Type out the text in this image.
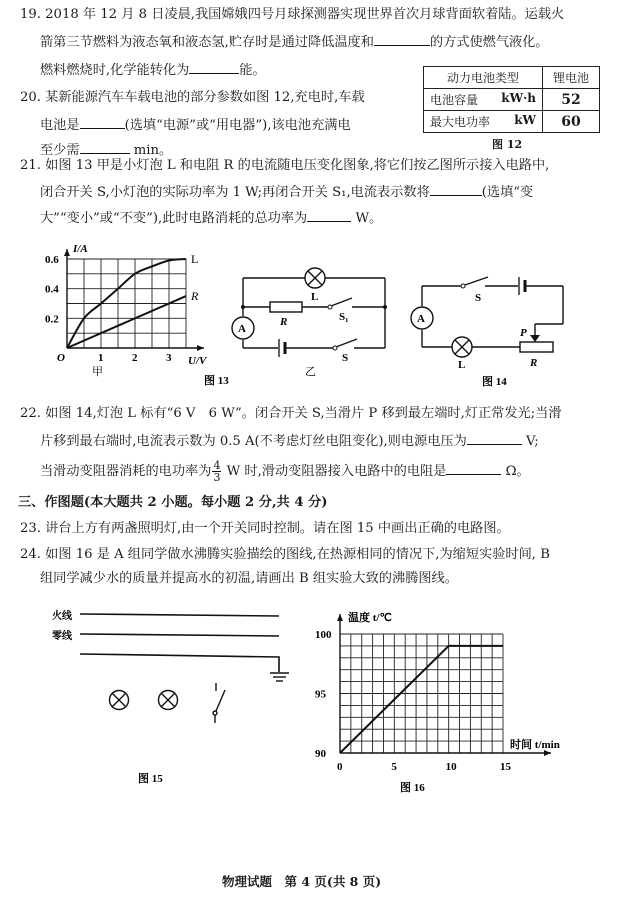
19. 2018 年 12 月 8 日凌晨,我国嫦娥四号月球探测器实现世界首次月球背面软着陆。运载火
箭第三节燃料为液态氧和液态氢,贮存时是通过降低温度和	的方式使燃气液化。
燃料燃烧时,化学能转化为	能。
20. 某新能源汽车车载电池的部分参数如图 12,充电时,车载
电池是	(选填“电源”或“用电器”),该电池充满电
至少需	min。
动力电池类型	锂电池
电池容量 kW·h	52
最大电功率 kW	60
图 12
21. 如图 13 甲是小灯泡 L 和电阻 R 的电流随电压变化图象,将它们按乙图所示接入电路中,
闭合开关 S,小灯泡的实际功率为 1 W;再闭合开关 S₁,电流表示数将	(选填“变
大”“变小”或“不变”),此时电路消耗的总功率为	W。
L
R
I/A
U/V
O	1	2	3
0.2
0.4
0.6
甲
L
R	S₁
S
A
乙
图 13
A
S
P
R
L
图 14
22. 如图 14,灯泡 L 标有“6 V　6 W”。闭合开关 S,当滑片 P 移到最左端时,灯正常发光;当滑
片移到最右端时,电流表示数为 0.5 A(不考虑灯丝电阻变化),则电源电压为	V;
当滑动变阻器消耗的电功率为 $\frac{4}{3}$ W 时,滑动变阻器接入电路中的电阻是	Ω。
三、作图题(本大题共 2 小题。每小题 2 分,共 4 分)
23. 讲台上方有两盏照明灯,由一个开关同时控制。请在图 15 中画出正确的电路图。
24. 如图 16 是 A 组同学做水沸腾实验描绘的图线,在热源相同的情况下,为缩短实验时间, B
组同学减少水的质量并提高水的初温,请画出 B 组实验大致的沸腾图线。
火线
零线
图 15
0	5	10	15
90
95
100
温度 t/℃
时间 t/min
图 16
物理试题　第 4 页(共 8 页)
